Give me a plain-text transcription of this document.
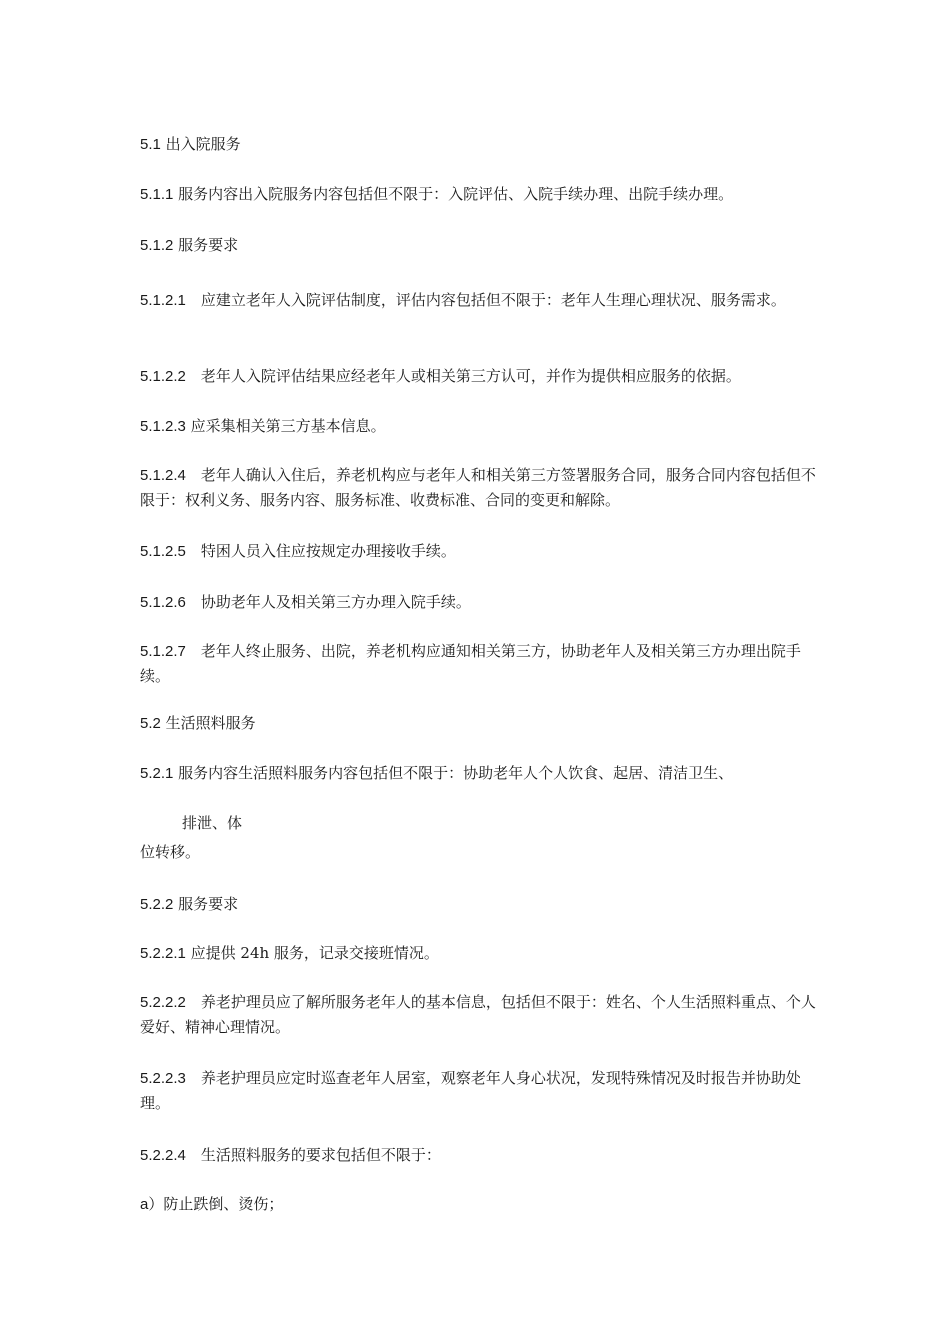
5.1 出入院服务

5.1.1 服务内容出入院服务内容包括但不限于：入院评估、入院手续办理、出院手续办理。

5.1.2 服务要求

5.1.2.1　应建立老年人入院评估制度，评估内容包括但不限于：老年人生理心理状况、服务需求。

5.1.2.2　老年人入院评估结果应经老年人或相关第三方认可，并作为提供相应服务的依据。

5.1.2.3 应采集相关第三方基本信息。

5.1.2.4　老年人确认入住后，养老机构应与老年人和相关第三方签署服务合同，服务合同内容包括但不限于：权利义务、服务内容、服务标准、收费标准、合同的变更和解除。

5.1.2.5　特困人员入住应按规定办理接收手续。

5.1.2.6　协助老年人及相关第三方办理入院手续。

5.1.2.7　老年人终止服务、出院，养老机构应通知相关第三方，协助老年人及相关第三方办理出院手续。

5.2 生活照料服务

5.2.1 服务内容生活照料服务内容包括但不限于：协助老年人个人饮食、起居、清洁卫生、

排泄、体

位转移。

5.2.2 服务要求

5.2.2.1 应提供 24h 服务，记录交接班情况。

5.2.2.2　养老护理员应了解所服务老年人的基本信息，包括但不限于：姓名、个人生活照料重点、个人爱好、精神心理情况。

5.2.2.3　养老护理员应定时巡查老年人居室，观察老年人身心状况，发现特殊情况及时报告并协助处理。

5.2.2.4　生活照料服务的要求包括但不限于：

a）防止跌倒、烫伤；
